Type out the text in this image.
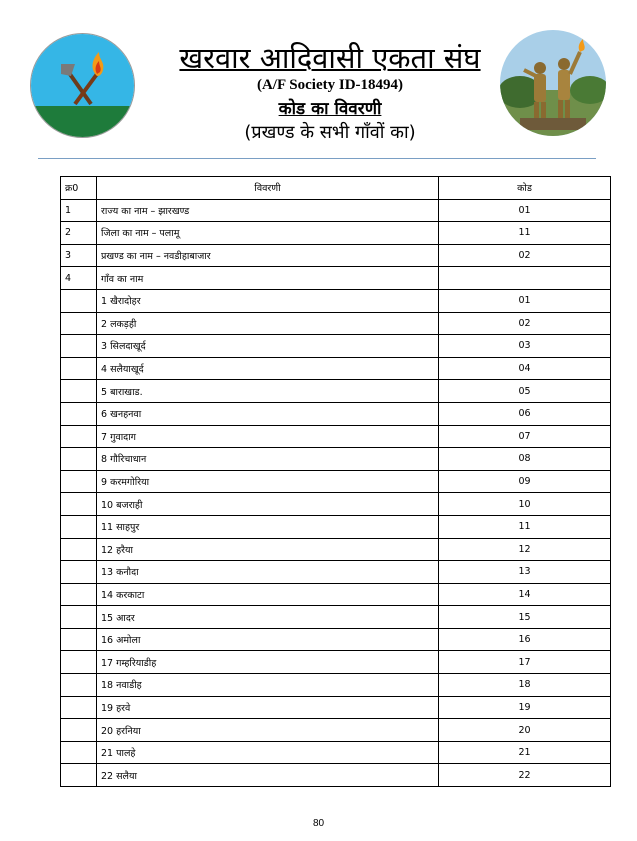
खरवार आदिवासी एकता संघ
(A/F Society ID-18494)
कोड का विवरणी
(प्रखण्ड के सभी गाँवों का)
क्र0	विवरणी	कोड
1	राज्य का नाम – झारखण्ड	01
2	जिला का नाम – पलामू	11
3	प्रखण्ड का नाम – नवडीहाबाजार	02
4	गाँव का नाम	
	1 खैरादोहर	01
	2 लकड़ही	02
	3 सिलदाखूर्द	03
	4 सलैयाखूर्द	04
	5 बाराखाड.	05
	6 खनहनवा	06
	7 गुवादाग	07
	8 गौरिचाधान	08
	9 करमगोरिया	09
	10 बजराही	10
	11 साहपुर	11
	12 हरैया	12
	13 कनौदा	13
	14 करकाटा	14
	15 आदर	15
	16 अमोला	16
	17 गम्हरियाडीह	17
	18 नवाडीह	18
	19 हरवे	19
	20 हरनिया	20
	21 पालहे	21
	22 सलैया	22
80
